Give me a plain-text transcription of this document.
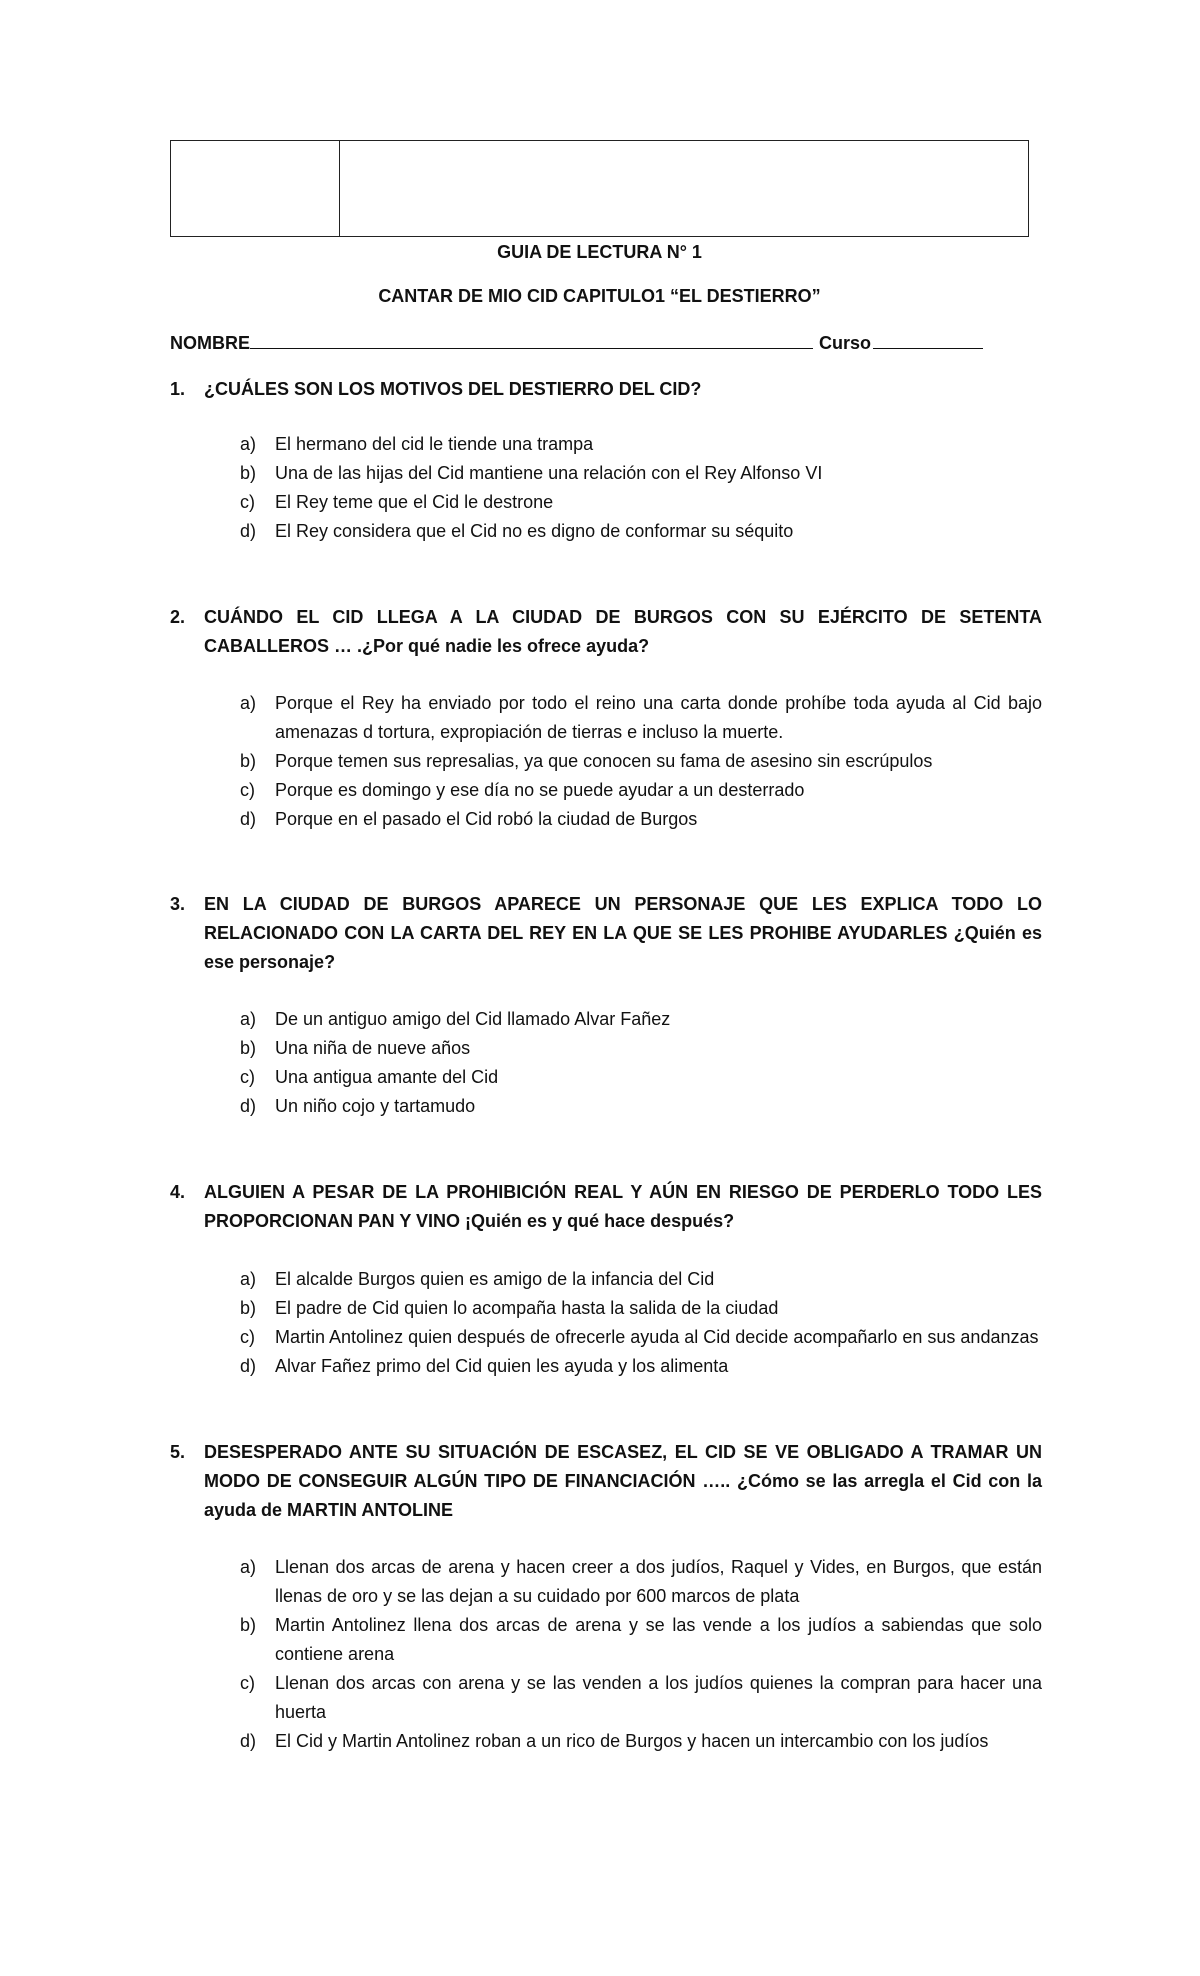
GUIA DE LECTURA N° 1
CANTAR DE MIO CID CAPITULO1 “EL DESTIERRO”
NOMBRE	Curso
1. ¿CUÁLES SON LOS MOTIVOS DEL DESTIERRO DEL CID?
a) El hermano del cid le tiende una trampa
b) Una de las hijas del Cid mantiene una relación con el Rey Alfonso VI
c) El Rey teme que el Cid le destrone
d) El Rey considera que el Cid no es digno de conformar su séquito
2. CUÁNDO EL CID LLEGA A LA CIUDAD DE BURGOS CON SU EJÉRCITO DE SETENTA CABALLEROS … .¿Por qué nadie les ofrece ayuda?
a) Porque el Rey ha enviado por todo el reino una carta donde prohíbe toda ayuda al Cid bajo amenazas d tortura, expropiación de tierras e incluso la muerte.
b) Porque temen sus represalias, ya que conocen su fama de asesino sin escrúpulos
c) Porque es domingo y ese día no se puede ayudar a un desterrado
d) Porque en el pasado el Cid robó la ciudad de Burgos
3. EN LA CIUDAD DE BURGOS APARECE UN PERSONAJE QUE LES EXPLICA TODO LO RELACIONADO CON LA CARTA DEL REY EN LA QUE SE LES PROHIBE AYUDARLES ¿Quién es ese personaje?
a) De un antiguo amigo del Cid llamado Alvar Fañez
b) Una niña de nueve años
c) Una antigua amante del Cid
d) Un niño cojo y tartamudo
4. ALGUIEN A PESAR DE LA PROHIBICIÓN REAL Y AÚN EN RIESGO DE PERDERLO TODO LES PROPORCIONAN PAN Y VINO ¡Quién es y qué hace después?
a) El alcalde Burgos quien es amigo de la infancia del Cid
b) El padre de Cid quien lo acompaña hasta la salida de la ciudad
c) Martin Antolinez quien después de ofrecerle ayuda al Cid decide acompañarlo en sus andanzas
d) Alvar Fañez primo del Cid quien les ayuda y los alimenta
5. DESESPERADO ANTE SU SITUACIÓN DE ESCASEZ, EL CID SE VE OBLIGADO A TRAMAR UN MODO DE CONSEGUIR ALGÚN TIPO DE FINANCIACIÓN ….. ¿Cómo se las arregla el Cid con la ayuda de MARTIN ANTOLINE
a) Llenan dos arcas de arena y hacen creer a dos judíos, Raquel y Vides, en Burgos, que están llenas de oro y se las dejan a su cuidado por 600 marcos de plata
b) Martin Antolinez llena dos arcas de arena y se las vende a los judíos a sabiendas que solo contiene arena
c) Llenan dos arcas con arena y se las venden a los judíos quienes la compran para hacer una huerta
d) El Cid y Martin Antolinez roban a un rico de Burgos y hacen un intercambio con los judíos
